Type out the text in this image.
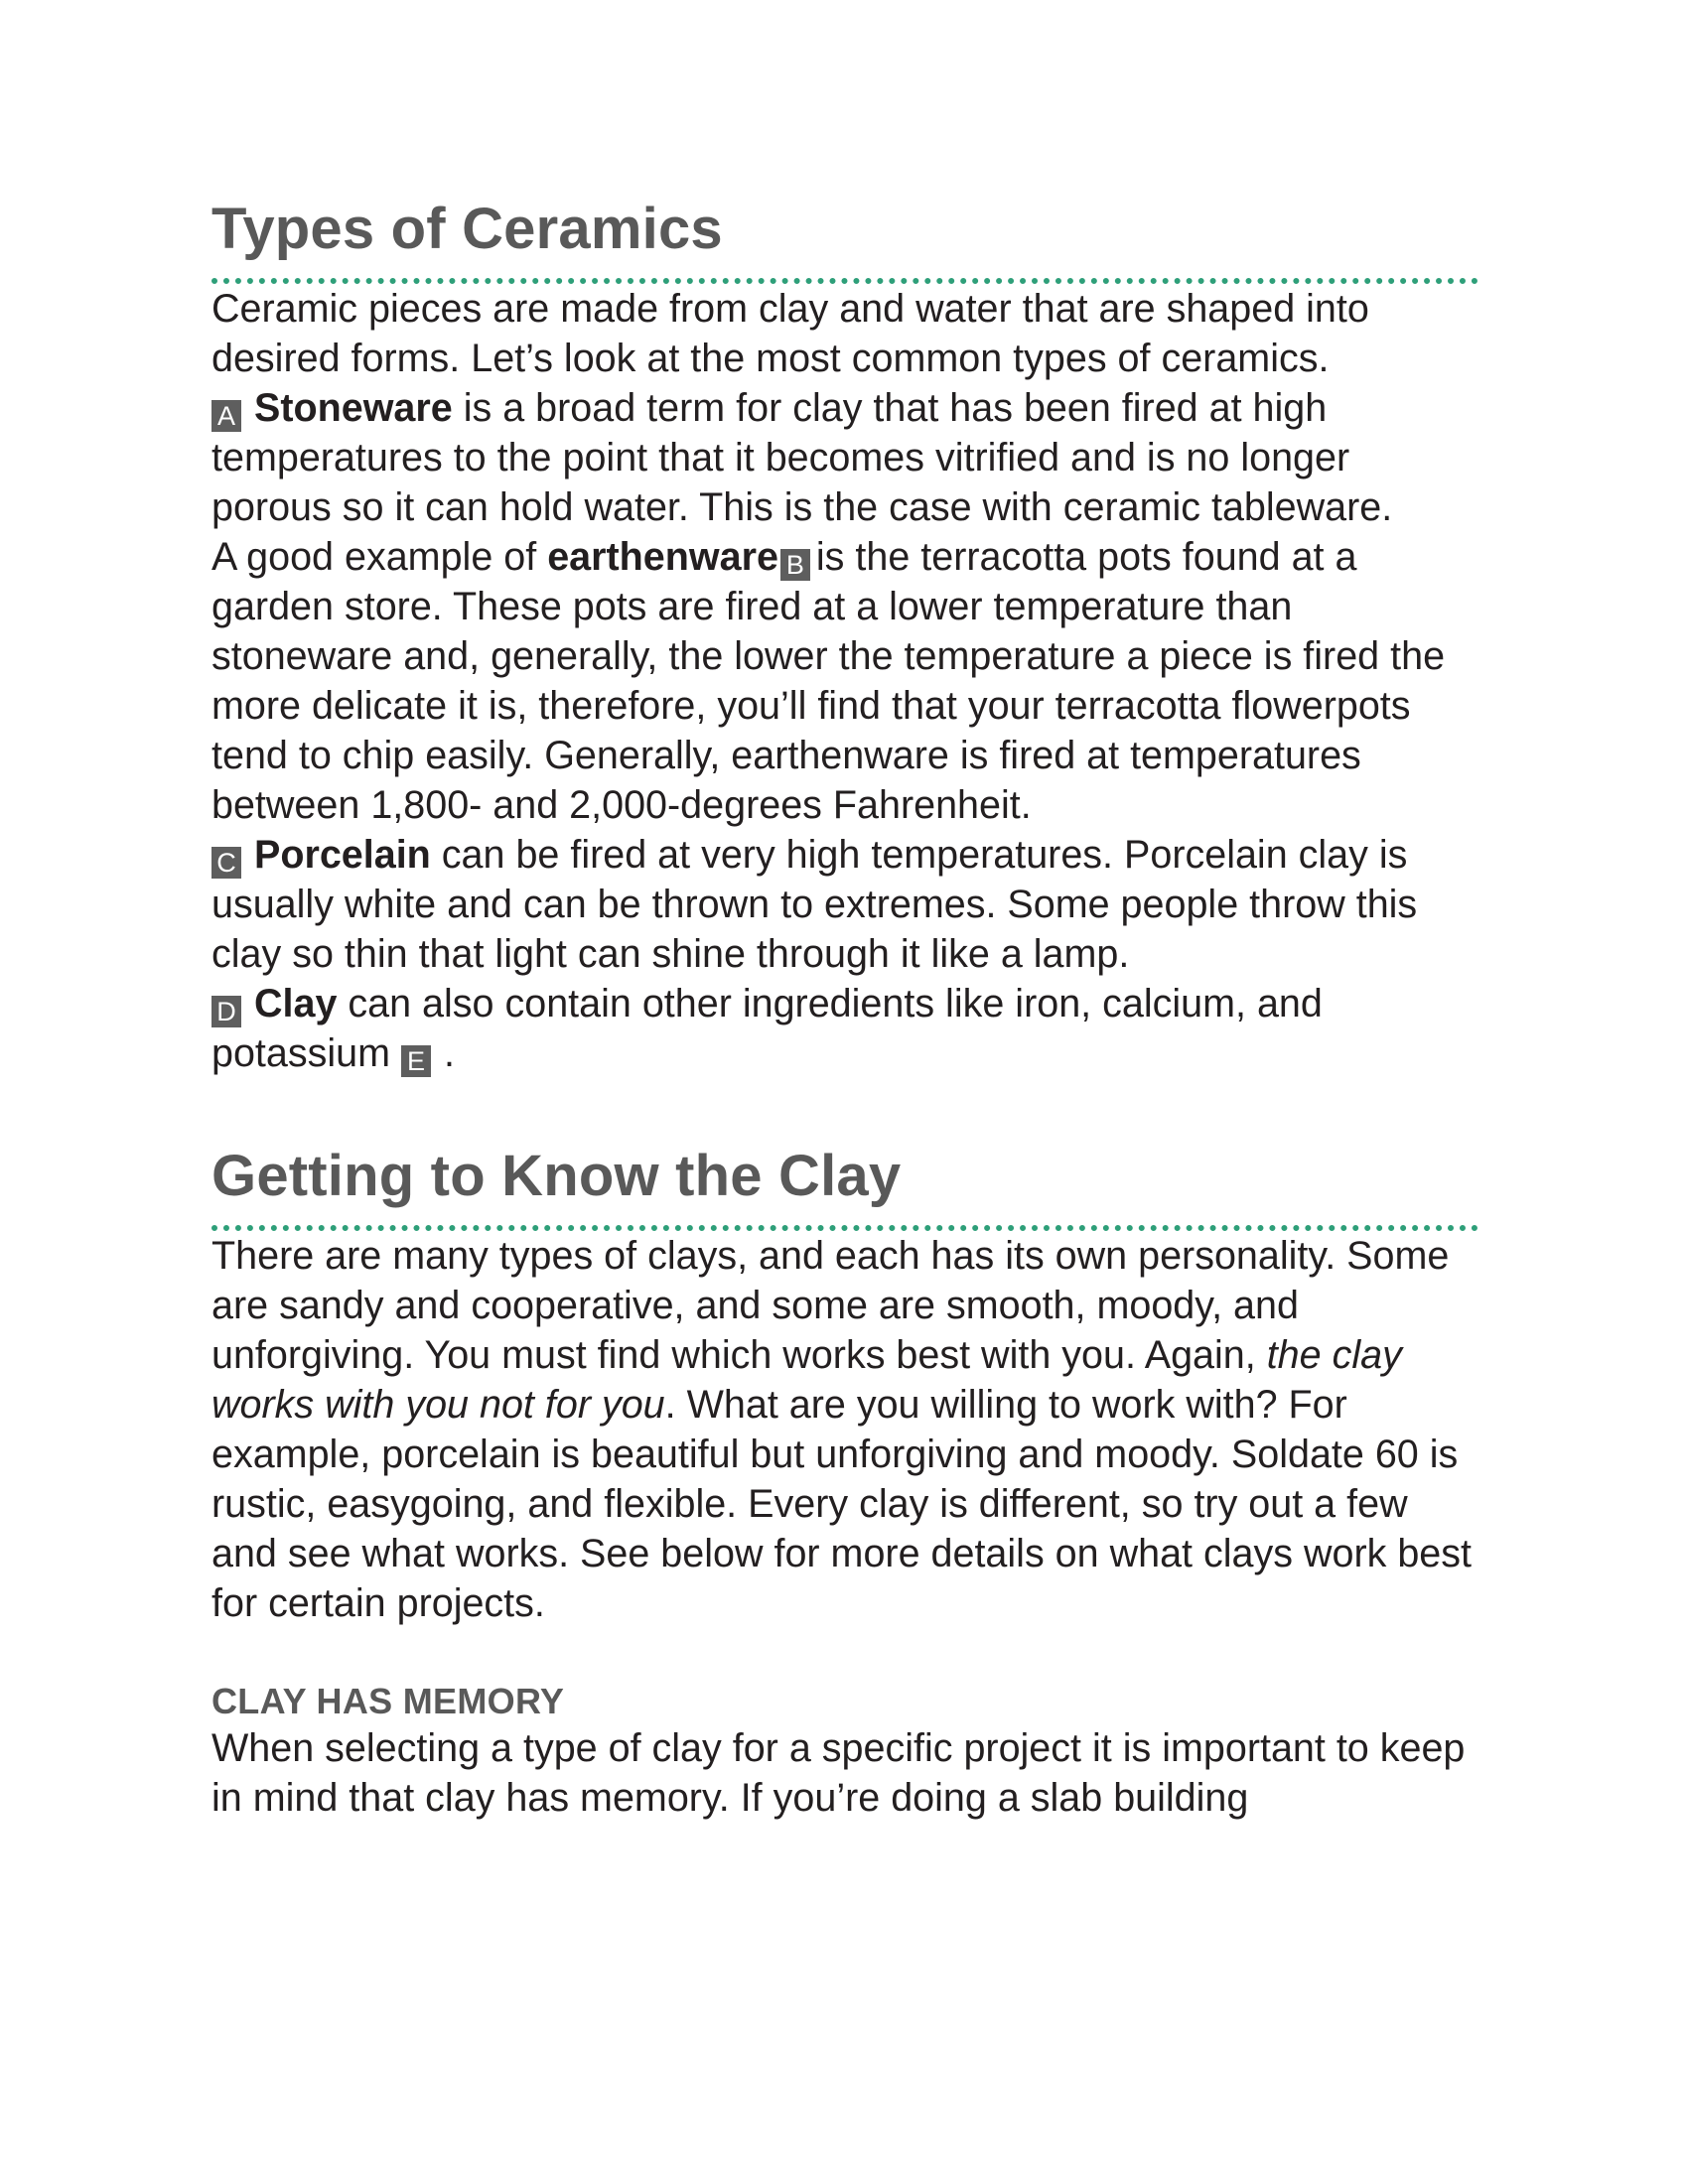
Types of Ceramics

Ceramic pieces are made from clay and water that are shaped into desired forms. Let’s look at the most common types of ceramics.

A Stoneware is a broad term for clay that has been fired at high temperatures to the point that it becomes vitrified and is no longer porous so it can hold water. This is the case with ceramic tableware.

A good example of earthenware B is the terracotta pots found at a garden store. These pots are fired at a lower temperature than stoneware and, generally, the lower the temperature a piece is fired the more delicate it is, therefore, you’ll find that your terracotta flowerpots tend to chip easily. Generally, earthenware is fired at temperatures between 1,800- and 2,000-degrees Fahrenheit.

C Porcelain can be fired at very high temperatures. Porcelain clay is usually white and can be thrown to extremes. Some people throw this clay so thin that light can shine through it like a lamp.

D Clay can also contain other ingredients like iron, calcium, and potassium E .

Getting to Know the Clay

There are many types of clays, and each has its own personality. Some are sandy and cooperative, and some are smooth, moody, and unforgiving. You must find which works best with you. Again, the clay works with you not for you. What are you willing to work with? For example, porcelain is beautiful but unforgiving and moody. Soldate 60 is rustic, easygoing, and flexible. Every clay is different, so try out a few and see what works. See below for more details on what clays work best for certain projects.

CLAY HAS MEMORY

When selecting a type of clay for a specific project it is important to keep in mind that clay has memory. If you’re doing a slab building
